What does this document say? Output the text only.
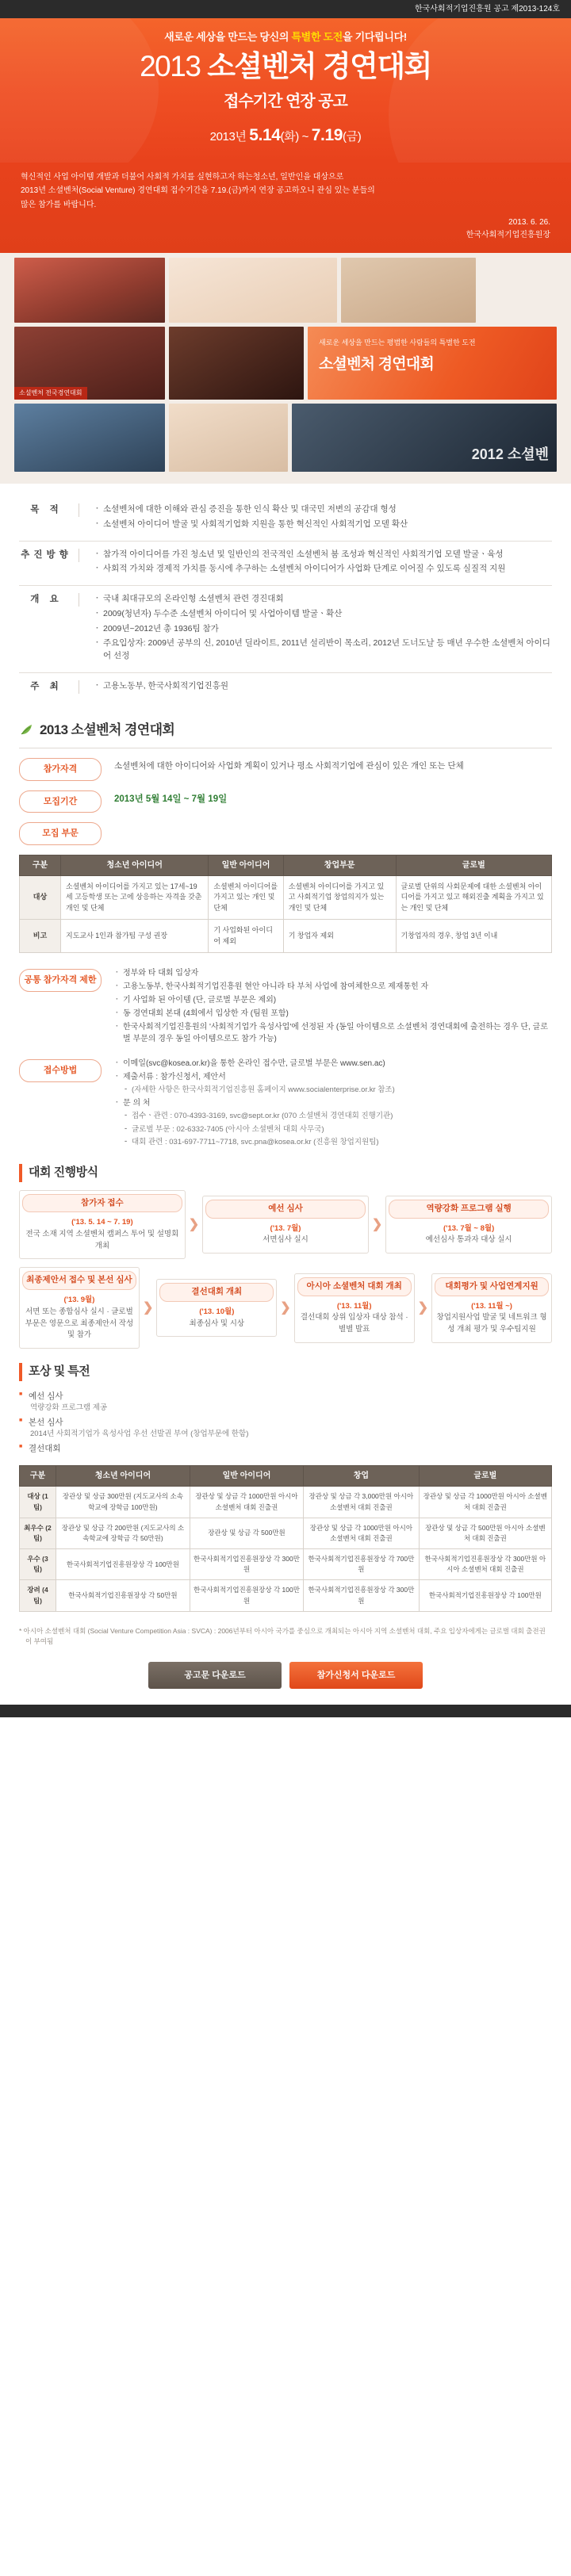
한국사회적기업진흥원 공고 제2013-124호
새로운 세상을 만드는 당신의 특별한 도전을 기다립니다!
2013 소셜벤처 경연대회
접수기간 연장 공고
2013년 5.14(화) ~ 7.19(금)
혁신적인 사업 아이템 개발과 더불어 사회적 가치를 실현하고자 하는청소년, 일반인을 대상으로
2013년 소셜벤처(Social Venture) 경연대회 접수기간을 7.19.(금)까지 연장 공고하오니 관심 있는 분들의
많은 참가를 바랍니다.
2013. 6. 26.
한국사회적기업진흥원장
소셜벤처 전국경연대회
새로운 세상을 만드는 평범한 사람들의 특별한 도전
소셜벤처 경연대회
2012 소셜벤
목 적	· 소셜벤처에 대한 이해와 관심 증진을 통한 인식 확산 및 대국민 저변의 공감대 형성
· 소셜벤처 아이디어 발굴 및 사회적기업화 지원을 통한 혁신적인 사회적기업 모델 확산
추진방향	· 참가적 아이디어를 가진 청소년 및 일반인의 전국적인 소셜벤처 붐 조성과 혁신적인 사회적기업 모델 발굴ㆍ육성
· 사회적 가치와 경제적 가치를 동시에 추구하는 소셜벤처 아이디어가 사업화 단계로 이어질 수 있도록 실질적 지원
개 요	· 국내 최대규모의 온라인형 소셜벤처 관련 경진대회
· 2009(청년자) 두수준 소셜벤처 아이디어 및 사업아이템 발굴ㆍ확산
· 2009년~2012년 총 1936팀 참가
· 주요입상자: 2009년 공부의 신, 2010년 딜라이트, 2011년 설리반이 목소리, 2012년 도너도날 등 매년 우수한 소셜벤처 아이디어 선정
주 최	· 고용노동부, 한국사회적기업진흥원
2013 소셜벤처 경연대회
참가자격	소셜벤처에 대한 아이디어와 사업화 계획이 있거나 평소 사회적기업에 관심이 있은 개인 또는 단체
모집기간	2013년 5월 14일 ~ 7월 19일
모집 부문
구분	청소년 아이디어	일반 아이디어	창업부문	글로벌
대상	소셜벤처 아이디어를 가지고 있는 17세~19세 고등학생 또는 고에 상응하는 자격을 갖춘 개인 및 단체	소셜벤처 아이디어를 가지고 있는 개인 및 단체	소셜벤처 아이디어를 가지고 있고 사회적기업 창업의지가 있는 개인 및 단체	글로벌 단위의 사회문제에 대한 소셜벤처 아이디어를 가지고 있고 해외진출 계획을 가지고 있는 개인 및 단체
비고	지도교사 1인과 참가팀 구성 권장	기 사업화된 아이디어 제외	기 창업자 제외	기창업자의 경우, 창업 3년 이내
공통 참가자격 제한
· 정부와 타 대회 입상자
· 고용노동부, 한국사회적기업진흥원 현안 아니라 타 부처 사업에 참여체한으로 제재통힌 자
· 기 사업화 된 아이템 (단, 글로벌 부문은 제외)
· 동 경연대회 본대 (4회에서 입상한 자 (팀원 포함)
· 한국사회적기업진흥원의 '사회적기업가 육성사업'에 선정된 자 (동일 아이템으로 소셜벤처 경연대회에 출전하는 경우 단, 글로벌 부문의 경우 동일 아이템으로도 참가 가능)
접수방법
· 이메일(svc@kosea.or.kr)을 통한 온라인 접수만, 글로벌 부문은 www.sen.ac)
· 제출서류 : 참가신청서, 제안서
- (자세한 사항은 한국사회적기업진흥원 홈페이지 www.socialenterprise.or.kr 참조)
· 문 의 처
- 접수ㆍ관련 : 070-4393-3169, svc@sept.or.kr (070 소셜벤처 경연대회 진행기관)
- 글로벌 부문 : 02-6332-7405 (아시아 소셜벤처 대회 사무국)
- 대회 관련 : 031-697-7711~7718, svc.pna@kosea.or.kr (진흥원 창업지원팀)
대회 진행방식
참가자 접수
('13. 5. 14 ~ 7. 19)
전국 소재 지역 소셜벤처 캠퍼스 투어 및 설명회 개최
❯
예선 심사
('13. 7월)
서면심사 실시
❯
역량강화 프로그램 실행
('13. 7월 ~ 8월)
예선심사 통과자 대상 실시
최종제안서 접수 및 본선 심사
('13. 9월)
서면 또는 종합심사 실시 · 글로벌 부문은 영문으로 최종제안서 작성 및 참가
❯
결선대회 개최
('13. 10월)
최종심사 및 시상
❯
아시아 소셜벤처 대회 개최
('13. 11월)
결선대회 상위 입상자 대상 참석 · 별별 발표
❯
대회평가 및 사업연계지원
('13. 11월 ~)
창업지원사업 발굴 및 네트워크 형성 개최 평가 및 우수팀지원
포상 및 특전
■ 예선 심사
역량강화 프로그램 제공
■ 본선 심사
2014년 사회적기업가 육성사업 우선 선발권 부여 (창업부문에 한함)
■ 결선대회
구분	청소년 아이디어	일반 아이디어	창업	글로벌
대상 (1팀)	장관상 및 상금 300만원 (지도교사의 소속학교에 장학금 100만원)	장관상 및 상금 각 1000만원 아시아 소셜벤처 대회 진출권	장관상 및 상금 각 3,000만원 아시아 소셜벤처 대회 진출권	장관상 및 상금 각 1000만원 아시아 소셜벤처 대회 진출권
최우수 (2팀)	장관상 및 상금 각 200만원 (지도교사의 소속학교에 장학금 각 50만원)	장관상 및 상금 각 500만원	장관상 및 상금 각 1000만원 아시아 소셜벤처 대회 진출권	장관상 및 상금 각 500만원 아시아 소셜벤처 대회 진출권
우수 (3팀)	한국사회적기업진흥원장상 각 100만원	한국사회적기업진흥원장상 각 300만원	한국사회적기업진흥원장상 각 700만원	한국사회적기업진흥원장상 각 300만원 아시아 소셜벤처 대회 진출권
장려 (4팀)	한국사회적기업진흥원장상 각 50만원	한국사회적기업진흥원장상 각 100만원	한국사회적기업진흥원장상 각 300만원	한국사회적기업진흥원장상 각 100만원
* 아시아 소셜벤처 대회 (Social Venture Competition Asia : SVCA) : 2006년부터 아시아 국가를 중심으로 개최되는 아시아 지역 소셜벤처 대회, 주요 입상자에게는 글로벌 대회 출전권이 부여됨
공고문 다운로드	참가신청서 다운로드
